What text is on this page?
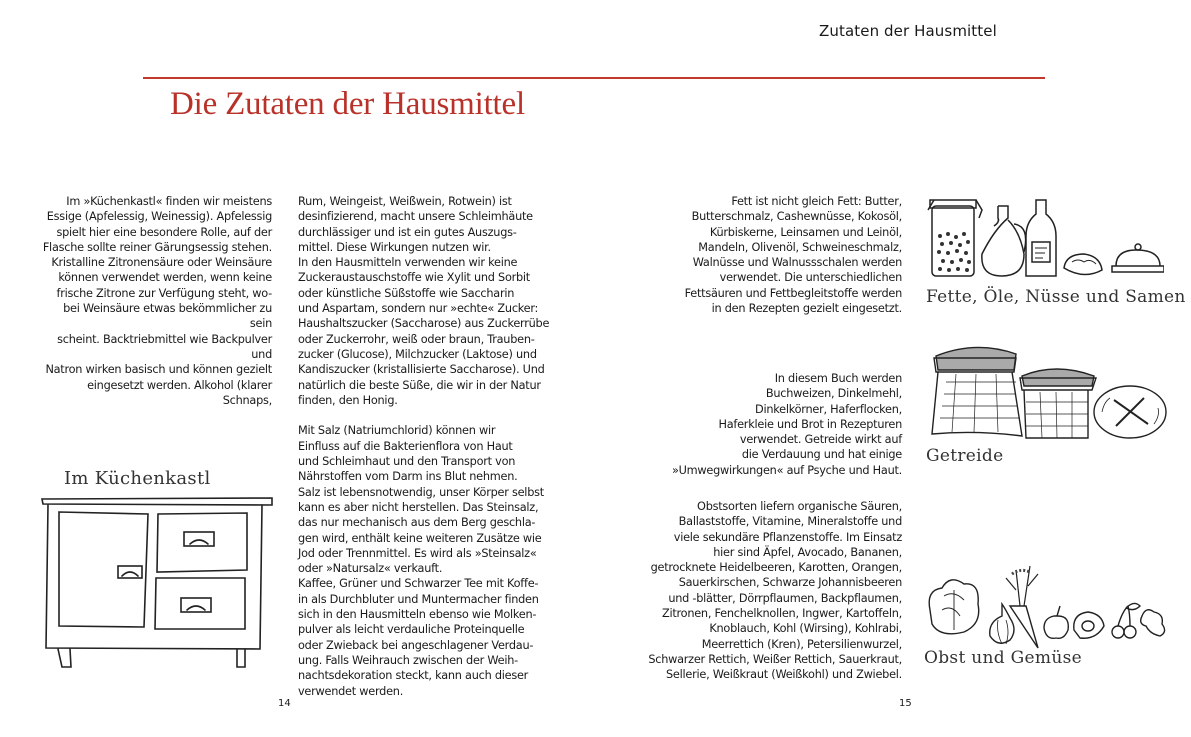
Zutaten der Hausmittel
Die Zutaten der Hausmittel

Im »Küchenkastl« finden wir meistens

Essige (Apfelessig, Weinessig). Apfelessig

spielt hier eine besondere Rolle, auf der

Flasche sollte reiner Gärungsessig stehen.

Kristalline Zitronensäure oder Weinsäure

können verwendet werden, wenn keine

frische Zitrone zur Verfügung steht, wo-

bei Weinsäure etwas bekömmlicher zu sein

scheint. Backtriebmittel wie Backpulver und

Natron wirken basisch und können gezielt

eingesetzt werden. Alkohol (klarer Schnaps,

Rum, Weingeist, Weißwein, Rotwein) ist

desinfizierend, macht unsere Schleimhäute

durchlässiger und ist ein gutes Auszugs-

mittel. Diese Wirkungen nutzen wir.

In den Hausmitteln verwenden wir keine

Zuckeraustauschstoffe wie Xylit und Sorbit

oder künstliche Süßstoffe wie Saccharin

und Aspartam, sondern nur »echte« Zucker:

Haushaltszucker (Saccharose) aus Zuckerrübe

oder Zuckerrohr, weiß oder braun, Trauben-

zucker (Glucose), Milchzucker (Laktose) und

Kandiszucker (kristallisierte Saccharose). Und

natürlich die beste Süße, die wir in der Natur

finden, den Honig.

Mit Salz (Natriumchlorid) können wir

Einfluss auf die Bakterienflora von Haut

und Schleimhaut und den Transport von

Nährstoffen vom Darm ins Blut nehmen.

Salz ist lebensnotwendig, unser Körper selbst

kann es aber nicht herstellen. Das Steinsalz,

das nur mechanisch aus dem Berg geschla-

gen wird, enthält keine weiteren Zusätze wie

Jod oder Trennmittel. Es wird als »Steinsalz«

oder »Natursalz« verkauft.

Kaffee, Grüner und Schwarzer Tee mit Koffe-

in als Durchbluter und Muntermacher finden

sich in den Hausmitteln ebenso wie Molken-

pulver als leicht verdauliche Proteinquelle

oder Zwieback bei angeschlagener Verdau-

ung. Falls Weihrauch zwischen der Weih-

nachtsdekoration steckt, kann auch dieser

verwendet werden.

Im Küchenkastl
14

Fett ist nicht gleich Fett: Butter,

Butterschmalz, Cashewnüsse, Kokosöl,

Kürbiskerne, Leinsamen und Leinöl,

Mandeln, Olivenöl, Schweineschmalz,

Walnüsse und Walnussschalen werden

verwendet. Die unterschiedlichen

Fettsäuren und Fettbegleitstoffe werden

in den Rezepten gezielt eingesetzt.

In diesem Buch werden

Buchweizen, Dinkelmehl,

Dinkelkörner, Haferflocken,

Haferkleie und Brot in Rezepturen

verwendet. Getreide wirkt auf

die Verdauung und hat einige

»Umwegwirkungen« auf Psyche und Haut.

Obstsorten liefern organische Säuren,

Ballaststoffe, Vitamine, Mineralstoffe und

viele sekundäre Pflanzenstoffe. Im Einsatz

hier sind Äpfel, Avocado, Bananen,

getrocknete Heidelbeeren, Karotten, Orangen,

Sauerkirschen, Schwarze Johannisbeeren

und -blätter, Dörrpflaumen, Backpflaumen,

Zitronen, Fenchelknollen, Ingwer, Kartoffeln,

Knoblauch, Kohl (Wirsing), Kohlrabi,

Meerrettich (Kren), Petersilienwurzel,

Schwarzer Rettich, Weißer Rettich, Sauerkraut,

Sellerie, Weißkraut (Weißkohl) und Zwiebel.

Fette, Öle, Nüsse und Samen
Getreide
Obst und Gemüse
15
